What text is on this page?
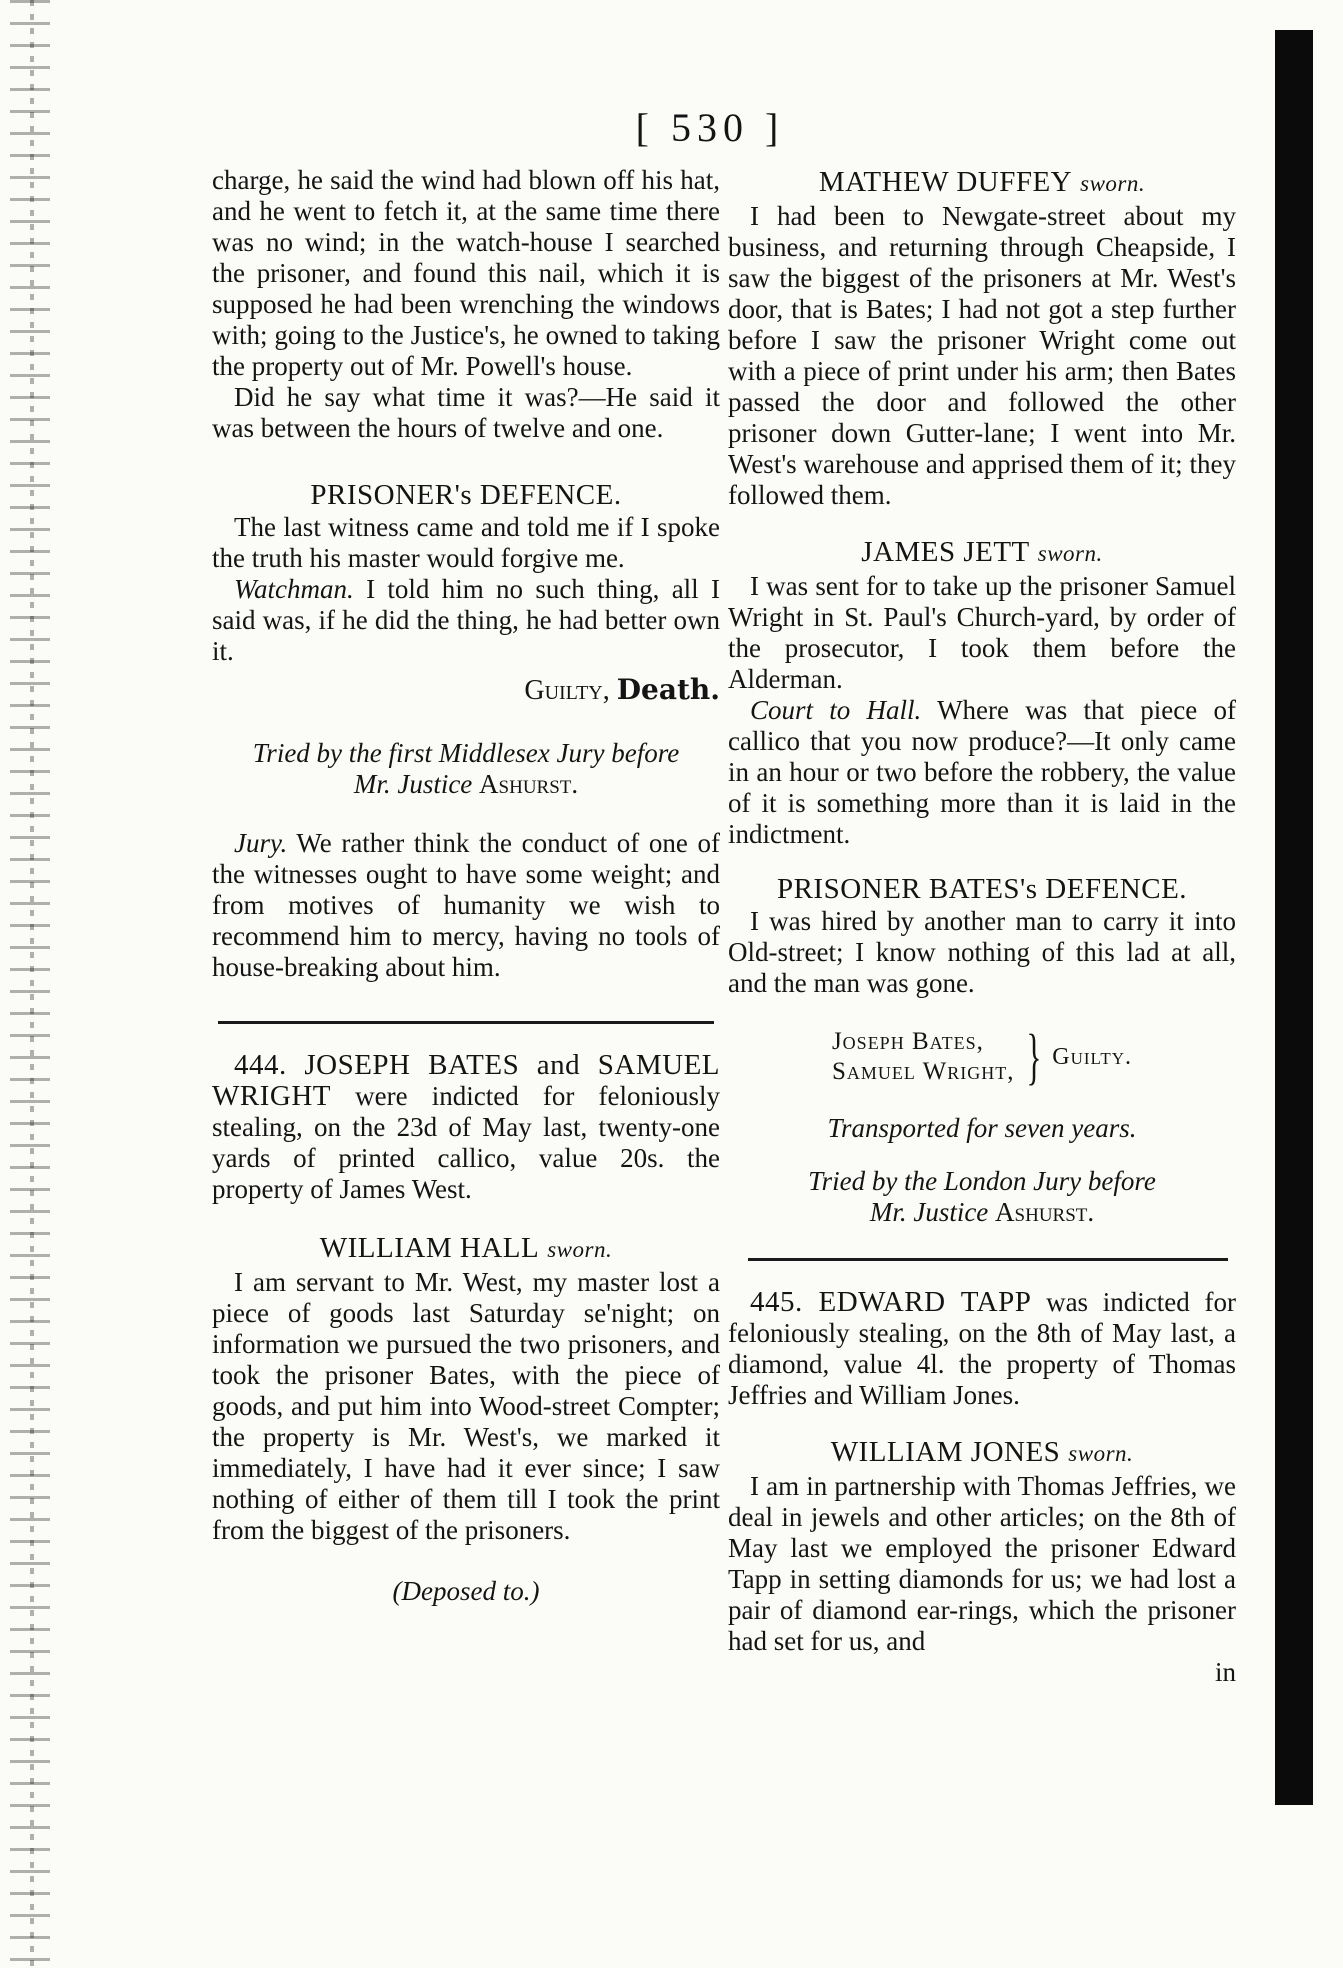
[ 530 ]

charge, he said the wind had blown off his hat, and he went to fetch it, at the same time there was no wind; in the watch-house I searched the prisoner, and found this nail, which it is supposed he had been wrenching the windows with; going to the Justice's, he owned to taking the property out of Mr. Powell's house.

Did he say what time it was?—He said it was between the hours of twelve and one.

PRISONER's DEFENCE.

The last witness came and told me if I spoke the truth his master would forgive me.

Watchman. I told him no such thing, all I said was, if he did the thing, he had better own it.

Guilty, Death.

Tried by the first Middlesex Jury before

Mr. Justice Ashurst.

Jury. We rather think the conduct of one of the witnesses ought to have some weight; and from motives of humanity we wish to recommend him to mercy, having no tools of house-breaking about him.

444. JOSEPH BATES and SAMUEL WRIGHT were indicted for feloniously stealing, on the 23d of May last, twenty-one yards of printed callico, value 20s. the property of James West.

WILLIAM HALL sworn.

I am servant to Mr. West, my master lost a piece of goods last Saturday se'night; on information we pursued the two prisoners, and took the prisoner Bates, with the piece of goods, and put him into Wood-street Compter; the property is Mr. West's, we marked it immediately, I have had it ever since; I saw nothing of either of them till I took the print from the biggest of the prisoners.

(Deposed to.)

MATHEW DUFFEY sworn.

I had been to Newgate-street about my business, and returning through Cheapside, I saw the biggest of the prisoners at Mr. West's door, that is Bates; I had not got a step further before I saw the prisoner Wright come out with a piece of print under his arm; then Bates passed the door and followed the other prisoner down Gutter-lane; I went into Mr. West's warehouse and apprised them of it; they followed them.

JAMES JETT sworn.

I was sent for to take up the prisoner Samuel Wright in St. Paul's Church-yard, by order of the prosecutor, I took them before the Alderman.

Court to Hall. Where was that piece of callico that you now produce?—It only came in an hour or two before the robbery, the value of it is something more than it is laid in the indictment.

PRISONER BATES's DEFENCE.

I was hired by another man to carry it into Old-street; I know nothing of this lad at all, and the man was gone.

Joseph Bates,
Samuel Wright, } Guilty.

Transported for seven years.

Tried by the London Jury before

Mr. Justice Ashurst.

445. EDWARD TAPP was indicted for feloniously stealing, on the 8th of May last, a diamond, value 4l. the property of Thomas Jeffries and William Jones.

WILLIAM JONES sworn.

I am in partnership with Thomas Jeffries, we deal in jewels and other articles; on the 8th of May last we employed the prisoner Edward Tapp in setting diamonds for us; we had lost a pair of diamond ear-rings, which the prisoner had set for us, and

in
